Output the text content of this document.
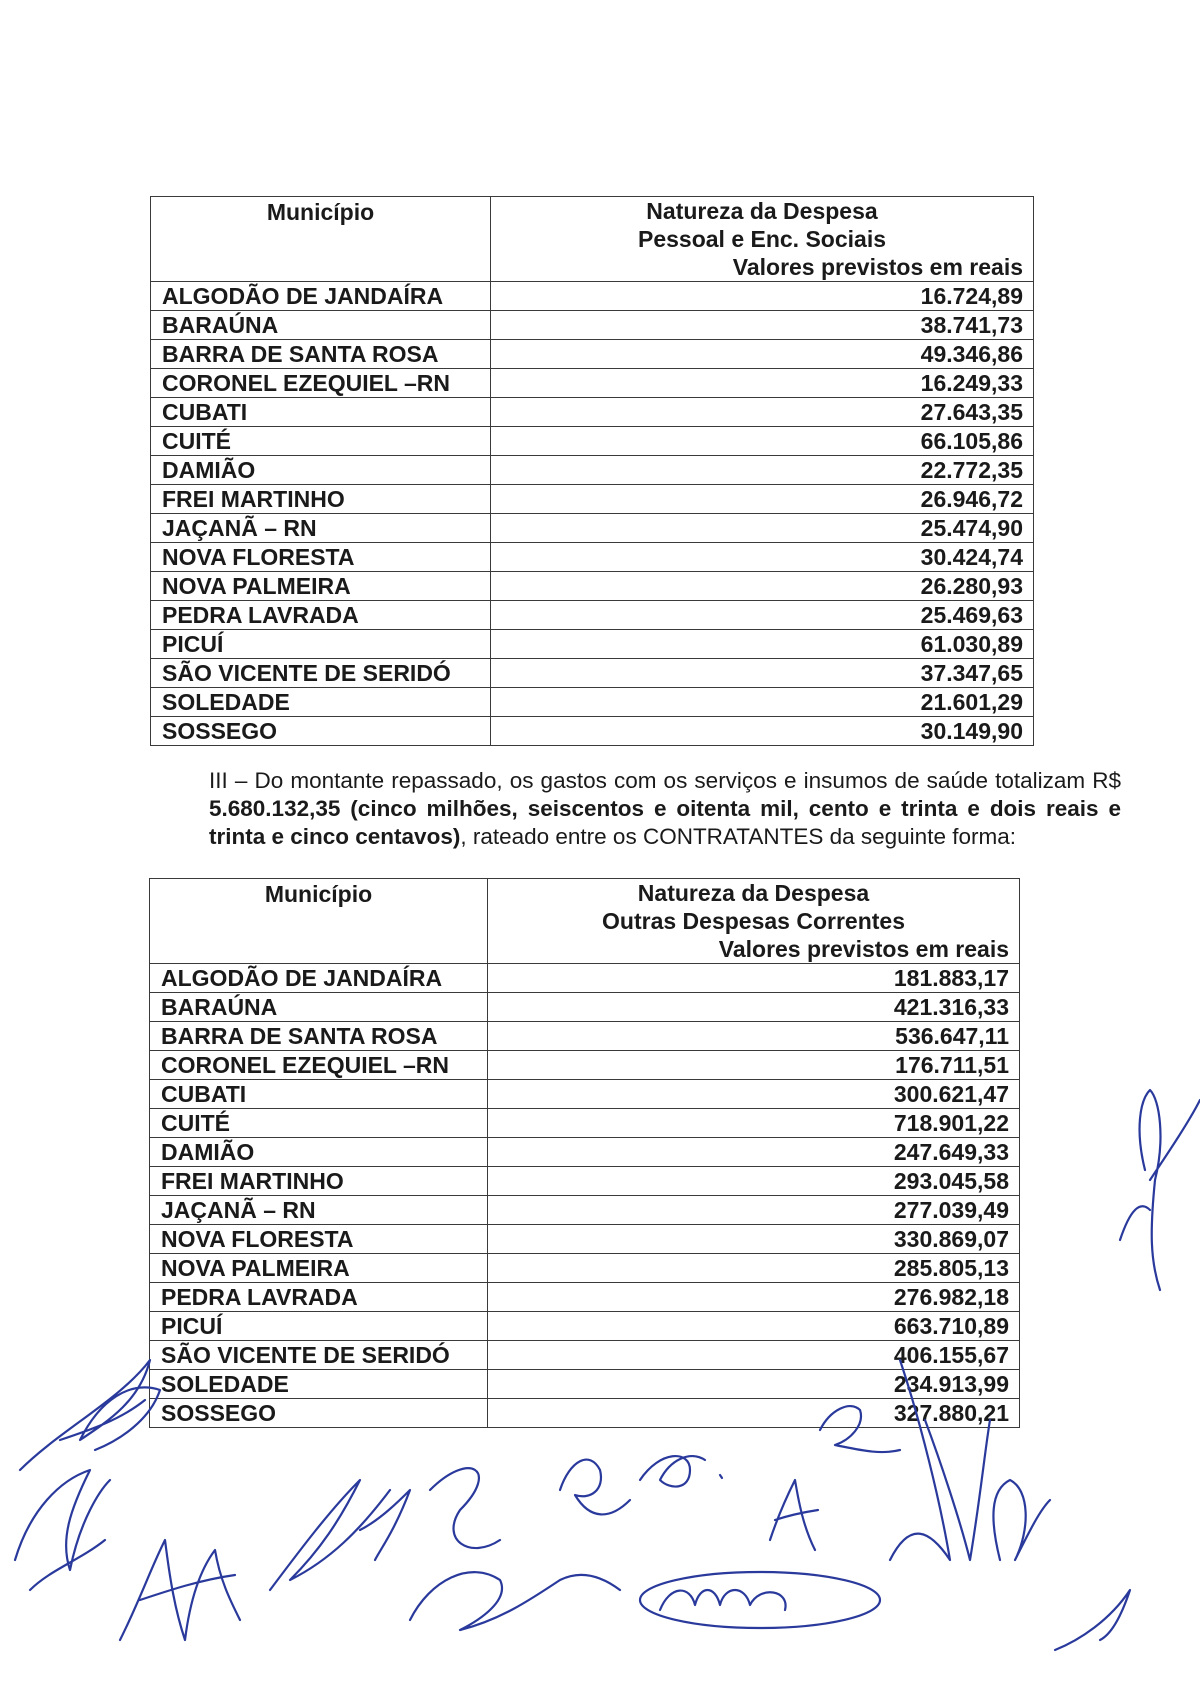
Município	Natureza da Despesa
Pessoal e Enc. Sociais
Valores previstos em reais

ALGODÃO DE JANDAÍRA	16.724,89
BARAÚNA	38.741,73
BARRA DE SANTA ROSA	49.346,86
CORONEL EZEQUIEL –RN	16.249,33
CUBATI	27.643,35
CUITÉ	66.105,86
DAMIÃO	22.772,35
FREI MARTINHO	26.946,72
JAÇANÃ – RN	25.474,90
NOVA FLORESTA	30.424,74
NOVA PALMEIRA	26.280,93
PEDRA LAVRADA	25.469,63
PICUÍ	61.030,89
SÃO VICENTE DE SERIDÓ	37.347,65
SOLEDADE	21.601,29
SOSSEGO	30.149,90

III – Do montante repassado, os gastos com os serviços e insumos de saúde totalizam R$ 5.680.132,35 (cinco milhões, seiscentos e oitenta mil, cento e trinta e dois reais e trinta e cinco centavos), rateado entre os CONTRATANTES da seguinte forma:

Município	Natureza da Despesa
Outras Despesas Correntes
Valores previstos em reais

ALGODÃO DE JANDAÍRA	181.883,17
BARAÚNA	421.316,33
BARRA DE SANTA ROSA	536.647,11
CORONEL EZEQUIEL –RN	176.711,51
CUBATI	300.621,47
CUITÉ	718.901,22
DAMIÃO	247.649,33
FREI MARTINHO	293.045,58
JAÇANÃ – RN	277.039,49
NOVA FLORESTA	330.869,07
NOVA PALMEIRA	285.805,13
PEDRA LAVRADA	276.982,18
PICUÍ	663.710,89
SÃO VICENTE DE SERIDÓ	406.155,67
SOLEDADE	234.913,99
SOSSEGO	327.880,21
